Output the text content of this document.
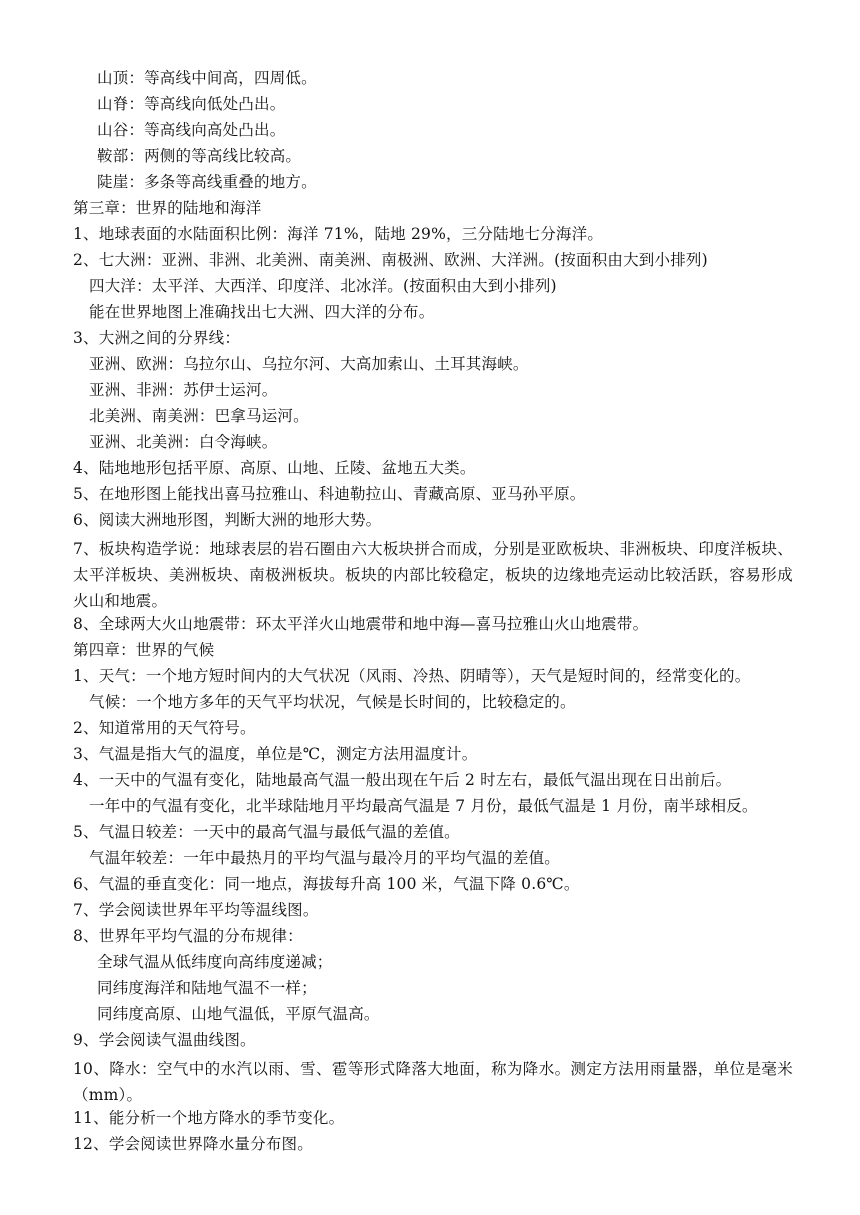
山顶：等高线中间高，四周低。
山脊：等高线向低处凸出。
山谷：等高线向高处凸出。
鞍部：两侧的等高线比较高。
陡崖：多条等高线重叠的地方。
第三章：世界的陆地和海洋
1、地球表面的水陆面积比例：海洋 71%，陆地 29%，三分陆地七分海洋。
2、七大洲：亚洲、非洲、北美洲、南美洲、南极洲、欧洲、大洋洲。(按面积由大到小排列)
四大洋：太平洋、大西洋、印度洋、北冰洋。(按面积由大到小排列)
能在世界地图上准确找出七大洲、四大洋的分布。
3、大洲之间的分界线：
亚洲、欧洲：乌拉尔山、乌拉尔河、大高加索山、土耳其海峡。
亚洲、非洲：苏伊士运河。
北美洲、南美洲：巴拿马运河。
亚洲、北美洲：白令海峡。
4、陆地地形包括平原、高原、山地、丘陵、盆地五大类。
5、在地形图上能找出喜马拉雅山、科迪勒拉山、青藏高原、亚马孙平原。
6、阅读大洲地形图，判断大洲的地形大势。
7、板块构造学说：地球表层的岩石圈由六大板块拼合而成，分别是亚欧板块、非洲板块、印度洋板块、太平洋板块、美洲板块、南极洲板块。板块的内部比较稳定，板块的边缘地壳运动比较活跃，容易形成火山和地震。
8、全球两大火山地震带：环太平洋火山地震带和地中海—喜马拉雅山火山地震带。
第四章：世界的气候
1、天气：一个地方短时间内的大气状况（风雨、冷热、阴晴等），天气是短时间的，经常变化的。
气候：一个地方多年的天气平均状况，气候是长时间的，比较稳定的。
2、知道常用的天气符号。
3、气温是指大气的温度，单位是℃，测定方法用温度计。
4、一天中的气温有变化，陆地最高气温一般出现在午后 2 时左右，最低气温出现在日出前后。
一年中的气温有变化，北半球陆地月平均最高气温是 7 月份，最低气温是 1 月份，南半球相反。
5、气温日较差：一天中的最高气温与最低气温的差值。
气温年较差：一年中最热月的平均气温与最冷月的平均气温的差值。
6、气温的垂直变化：同一地点，海拔每升高 100 米，气温下降 0.6℃。
7、学会阅读世界年平均等温线图。
8、世界年平均气温的分布规律：
全球气温从低纬度向高纬度递减；
同纬度海洋和陆地气温不一样；
同纬度高原、山地气温低，平原气温高。
9、学会阅读气温曲线图。
10、降水：空气中的水汽以雨、雪、雹等形式降落大地面，称为降水。测定方法用雨量器，单位是毫米（mm）。
11、能分析一个地方降水的季节变化。
12、学会阅读世界降水量分布图。
